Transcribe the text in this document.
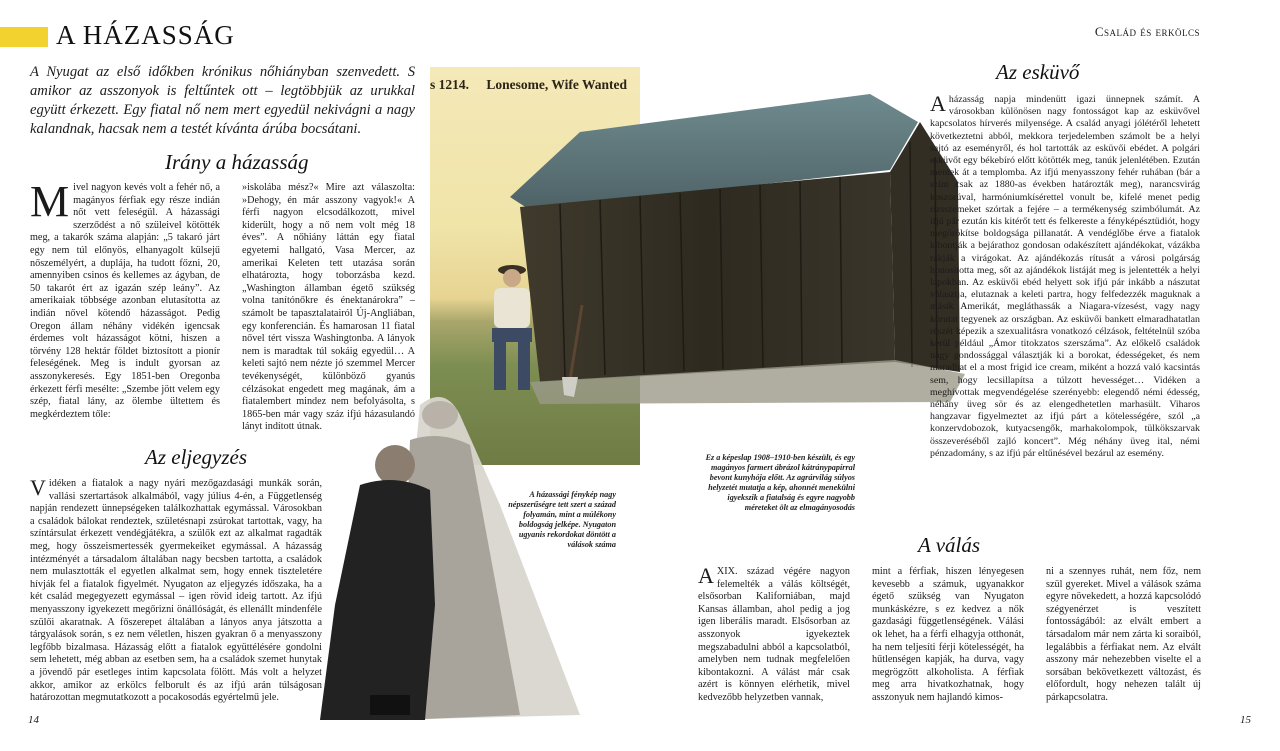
A HÁZASSÁG	Család és erkölcs

A Nyugat az első időkben krónikus nőhiányban szenvedett. S amikor az asszonyok is feltűntek ott – legtöbbjük az urukkal együtt érkezett. Egy fiatal nő nem mert egyedül nekivágni a nagy kalandnak, hacsak nem a testét kívánta árúba bocsátani.

Irány a házasság
M ivel nagyon kevés volt a fehér nő, a magányos férfiak egy része indián nőt vett feleségül. A házassági szerződést a nő szüleivel kötötték meg, a takarók száma alapján: „5 takaró járt egy nem túl előnyös, elhanyagolt külsejű nőszemélyért, a duplája, ha tudott főzni, 20, amennyiben csinos és kellemes az ágyban, de 50 takarót ért az igazán szép leány”. Az amerikaiak többsége azonban elutasította az indián nővel kötendő házasságot. Pedig Oregon állam néhány vidékén igencsak érdemes volt házasságot kötni, hiszen a törvény 128 hektár földet biztosított a pionír feleségének. Meg is indult gyorsan az asszonykeresés. Egy 1851-ben Oregonba érkezett férfi mesélte: „Szembe jött velem egy szép, fiatal lány, az ölembe ültettem és megkérdeztem tőle:

»iskolába mész?« Mire azt válaszolta: »Dehogy, én már asszony vagyok!« A férfi nagyon elcsodálkozott, mivel kiderült, hogy a nő nem volt még 18 éves”. A nőhiány láttán egy fiatal egyetemi hallgató, Vasa Mercer, az amerikai Keleten tett utazása során elhatározta, hogy toborzásba kezd. „Washington államban égető szükség volna tanítónőkre és énektanárokra” – számolt be tapasztalatairól Új-Angliában, egy konferencián. És hamarosan 11 fiatal nővel tért vissza Washingtonba. A lányok nem is maradtak túl sokáig egyedül… A keleti sajtó nem nézte jó szemmel Mercer tevékenységét, különböző gyanús célzásokat engedett meg magának, ám a fiatalembert mindez nem befolyásolta, s 1865-ben már vagy száz ifjú házasulandó lányt indított útnak.

Az eljegyzés
V idéken a fiatalok a nagy nyári mezőgazdasági munkák során, vallási szertartások alkalmából, vagy július 4-én, a Függetlenség napján rendezett ünnepségeken találkozhattak egymással. Városokban a családok bálokat rendeztek, születésnapi zsúrokat tartottak, vagy, ha színtársulat érkezett vendégjátékra, a szülők ezt az alkalmat ragadták meg, hogy összeismertessék gyermekeiket egymással. A házasság intézményét a társadalom általában nagy becsben tartotta, a családok nem mulasztották el egyetlen alkalmat sem, hogy ennek tiszteletére hívják fel a fiatalok figyelmét. Nyugaton az eljegyzés időszaka, ha a két család megegyezett egymással – igen rövid ideig tartott. Az ifjú menyasszony igyekezett megőrizni önállóságát, és ellenállt mindenféle szülői akaratnak. A főszerepet általában a lányos anya játszotta a tárgyalások során, s ez nem véletlen, hiszen gyakran ő a menyasszony legfőbb bizalmasa. Házasság előtt a fiatalok együttélésére gondolni sem lehetett, még abban az esetben sem, ha a családok szemet hunytak a jövendő pár esetleges intim kapcsolata fölött. Más volt a helyzet akkor, amikor az erkölcs felborult és az ifjú arán túlságosan határozottan megmutatkozott a pocakosodás egyértelmű jele.
s 1214. Lonesome, Wife Wanted
A házassági fénykép nagy népszerűségre tett szert a század folyamán, mint a múlékony boldogság jelképe. Nyugaton ugyanis rekordokat döntött a válások száma
Ez a képeslap 1908–1910-ben készült, és egy magányos farmert ábrázol kátránypapírral bevont kunyhója előtt. Az agrárvilág súlyos helyzetét mutatja a kép, ahonnét menekülni igyekszik a fiatalság és egyre nagyobb méreteket ölt az elmagányosodás
Az esküvő
A házasság napja mindenütt igazi ünnepnek számít. A városokban különösen nagy fontosságot kap az esküvővel kapcsolatos hírverés milyensége. A család anyagi jólétéről lehetett következtetni abból, mekkora terjedelemben számolt be a helyi sajtó az eseményről, és hol tartották az esküvői ebédet. A polgári esküvőt egy békebíró előtt kötötték meg, tanúk jelenlétében. Ezután mentek át a templomba. Az ifjú menyasszony fehér ruhában (bár a színt csak az 1880-as években határozták meg), narancsvirág koszorúval, harmóniumkísérettel vonult be, kifelé menet pedig rizsszemeket szórtak a fejére – a termékenység szimbólumát. Az ifjú pár ezután kis kitérőt tett és felkereste a fényképésztüdiót, hogy megörökítse boldogsága pillanatát. A vendéglőbe érve a fiatalok kibontják a bejárathoz gondosan odakészített ajándékokat, vázákba rakják a virágokat. Az ajándékozás rítusát a városi polgárság honosította meg, sőt az ajándékok listáját meg is jelentették a helyi lapokban. Az esküvői ebéd helyett sok ifjú pár inkább a nászutat választja, elutaznak a keleti partra, hogy felfedezzék maguknak a másik Amerikát, megláthassák a Niagara-vízesést, vagy nagy körutat tegyenek az országban. Az esküvői bankett elmaradhatatlan részét képezik a szexualitásra vonatkozó célzások, feltételnül szóba kerül például „Ámor titokzatos szerszáma”. Az előkelő családok nagy gondossággal választják ki a borokat, édességeket, és nem maradhat el a most frigid ice cream, miként a hozzá való kacsintás sem, hogy lecsillapítsa a túlzott hevességet… Vidéken a meghívottak megvendégelése szerényebb: elegendő némi édesség, néhány üveg sör és az elengedhetetlen marhasült. Viharos hangzavar figyelmeztet az ifjú párt a kötelességére, szól „a konzervdobozok, kutyacsengők, marhakolompok, tülkökszarvak összeveréséből zajló koncert”. Még néhány üveg ital, némi pénzadomány, s az ifjú pár eltűnésével bezárul az esemény.
A válás
A XIX. század végére nagyon felemelték a válás költségét, elsősorban Kaliforniában, majd Kansas államban, ahol pedig a jog igen liberális maradt. Elsősorban az asszonyok igyekeztek megszabadulni abból a kapcsolatból, amelyben nem tudnak megfelelően kibontakozni. A válást már csak azért is könnyen elérhetik, mivel kedvezőbb helyzetben vannak,

mint a férfiak, hiszen lényegesen kevesebb a számuk, ugyanakkor égető szükség van Nyugaton munkáskézre, s ez kedvez a nők gazdasági függetlenségének. Válási ok lehet, ha a férfi elhagyja otthonát, ha nem teljesíti férji kötelességét, ha hűtlenségen kapják, ha durva, vagy megrögzött alkoholista. A férfiak meg arra hivatkozhatnak, hogy asszonyuk nem hajlandó kimos-

ni a szennyes ruhát, nem főz, nem szül gyereket. Mivel a válások száma egyre növekedett, a hozzá kapcsolódó szégyenérzet is veszített fontosságából: az elvált embert a társadalom már nem zárta ki soraiból, legalábbis a férfiakat nem. Az elvált asszony már nehezebben viselte el a sorsában bekövetkezett változást, és előfordult, hogy nehezen talált új párkapcsolatra.

14	15
